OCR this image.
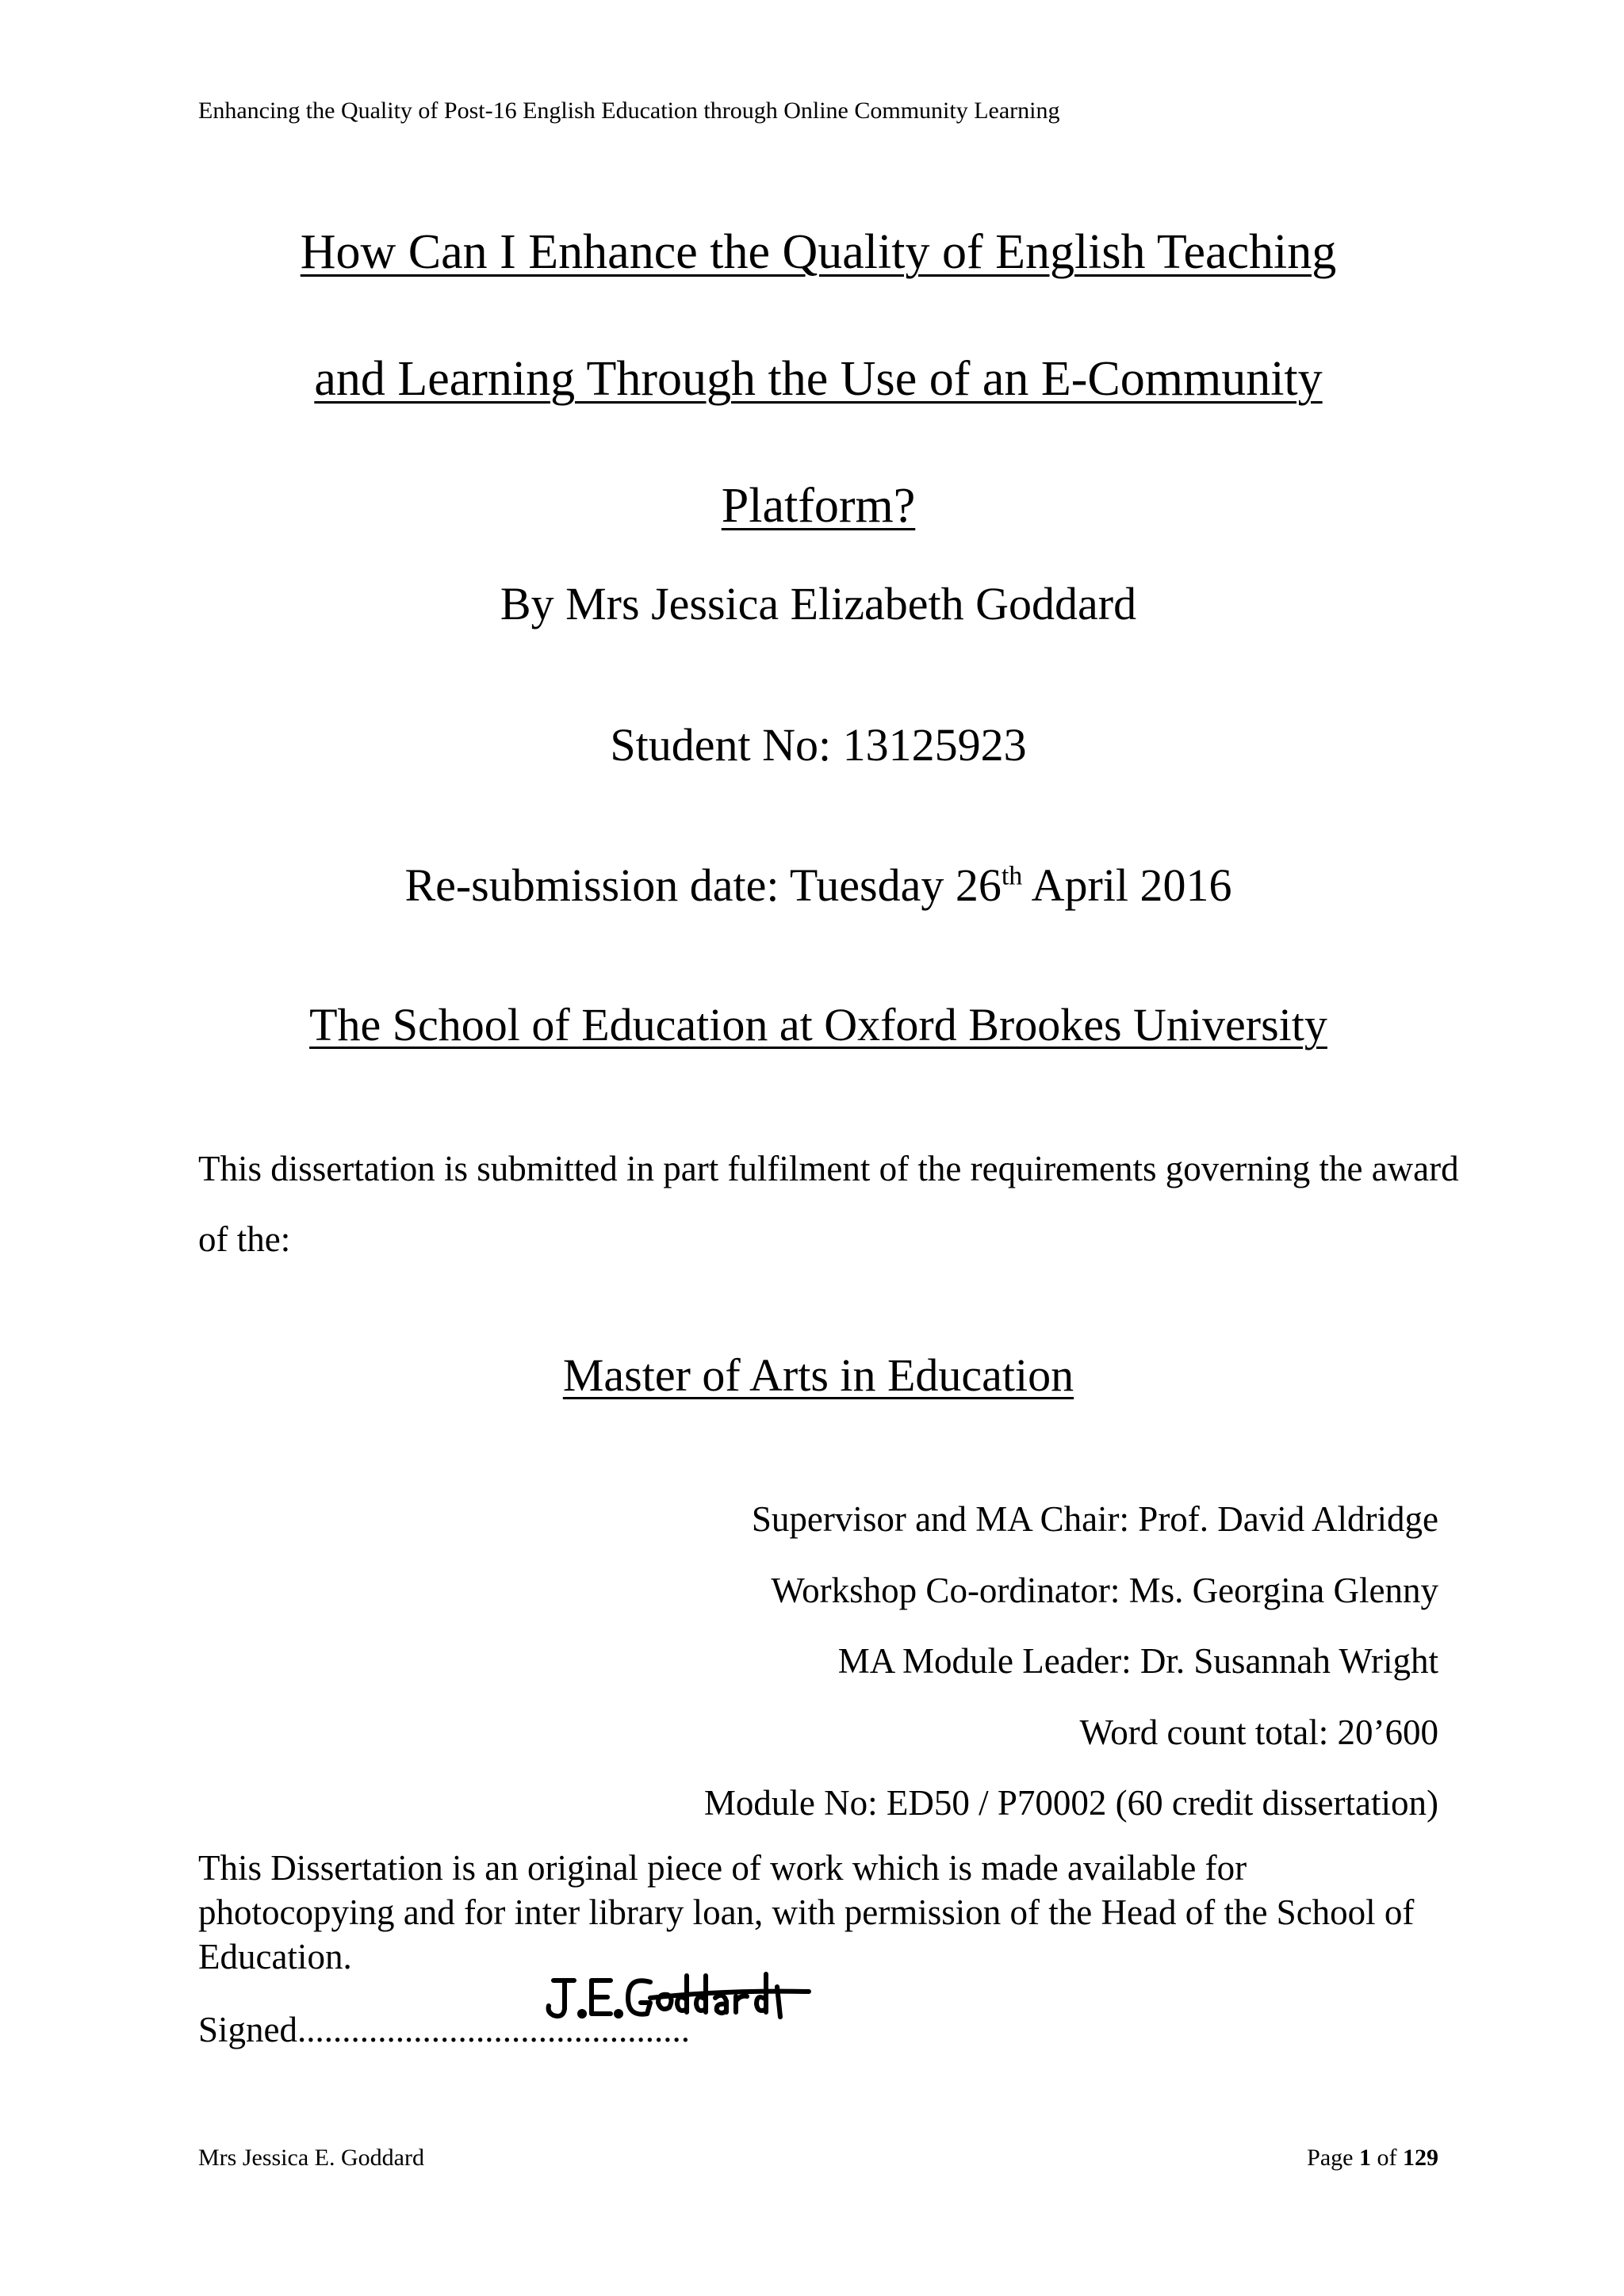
Enhancing the Quality of Post-16 English Education through Online Community Learning
How Can I Enhance the Quality of English Teaching
and Learning Through the Use of an E-Community
Platform?
By Mrs Jessica Elizabeth Goddard
Student No: 13125923
Re-submission date: Tuesday 26th April 2016
The School of Education at Oxford Brookes University
This dissertation is submitted in part fulfilment of the requirements governing the award of the:
Master of Arts in Education
Supervisor and MA Chair: Prof. David Aldridge
Workshop Co-ordinator: Ms. Georgina Glenny
MA Module Leader: Dr. Susannah Wright
Word count total: 20’600
Module No: ED50 / P70002 (60 credit dissertation)
This Dissertation is an original piece of work which is made available for photocopying and for inter library loan, with permission of the Head of the School of Education.
Signed............................................
Mrs Jessica E. Goddard	Page 1 of 129
